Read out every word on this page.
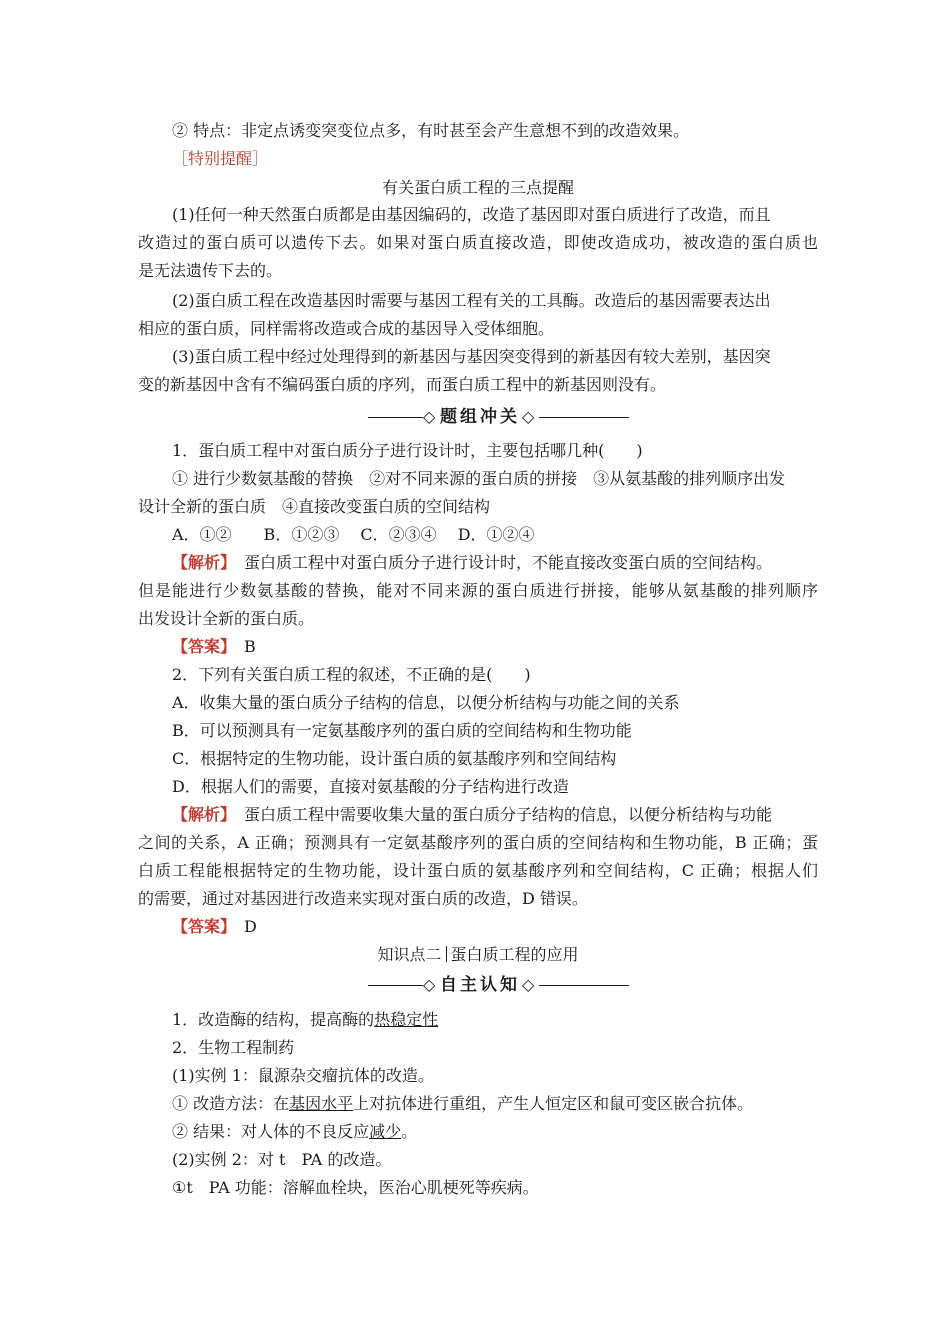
② 特点：非定点诱变突变位点多，有时甚至会产生意想不到的改造效果。
［特别提醒］
有关蛋白质工程的三点提醒
(1)任何一种天然蛋白质都是由基因编码的，改造了基因即对蛋白质进行了改造，而且
改造过的蛋白质可以遗传下去。如果对蛋白质直接改造，即使改造成功，被改造的蛋白质也
是无法遗传下去的。
(2)蛋白质工程在改造基因时需要与基因工程有关的工具酶。改造后的基因需要表达出
相应的蛋白质，同样需将改造或合成的基因导入受体细胞。
(3)蛋白质工程中经过处理得到的新基因与基因突变得到的新基因有较大差别，基因突
变的新基因中含有不编码蛋白质的序列，而蛋白质工程中的新基因则没有。
◇ 题组冲关 ◇
1．蛋白质工程中对蛋白质分子进行设计时，主要包括哪几种(　　)
① 进行少数氨基酸的替换　②对不同来源的蛋白质的拼接　③从氨基酸的排列顺序出发
设计全新的蛋白质　④直接改变蛋白质的空间结构
A．①②　　B．①②③　 C．②③④　 D．①②④
【解析】　蛋白质工程中对蛋白质分子进行设计时，不能直接改变蛋白质的空间结构。
但是能进行少数氨基酸的替换，能对不同来源的蛋白质进行拼接，能够从氨基酸的排列顺序
出发设计全新的蛋白质。
【答案】　B
2．下列有关蛋白质工程的叙述，不正确的是(　　)
A．收集大量的蛋白质分子结构的信息，以便分析结构与功能之间的关系
B．可以预测具有一定氨基酸序列的蛋白质的空间结构和生物功能
C．根据特定的生物功能，设计蛋白质的氨基酸序列和空间结构
D．根据人们的需要，直接对氨基酸的分子结构进行改造
【解析】　蛋白质工程中需要收集大量的蛋白质分子结构的信息，以便分析结构与功能
之间的关系，A 正确；预测具有一定氨基酸序列的蛋白质的空间结构和生物功能，B 正确；蛋
白质工程能根据特定的生物功能，设计蛋白质的氨基酸序列和空间结构，C 正确；根据人们
的需要，通过对基因进行改造来实现对蛋白质的改造，D 错误。
【答案】　D
知识点二 蛋白质工程的应用
◇ 自主认知 ◇
1．改造酶的结构，提高酶的热稳定性
2．生物工程制药
(1)实例 1：鼠源杂交瘤抗体的改造。
① 改造方法：在基因水平上对抗体进行重组，产生人恒定区和鼠可变区嵌合抗体。
② 结果：对人体的不良反应减少。
(2)实例 2：对 t　PA 的改造。
①t　PA 功能：溶解血栓块，医治心肌梗死等疾病。
